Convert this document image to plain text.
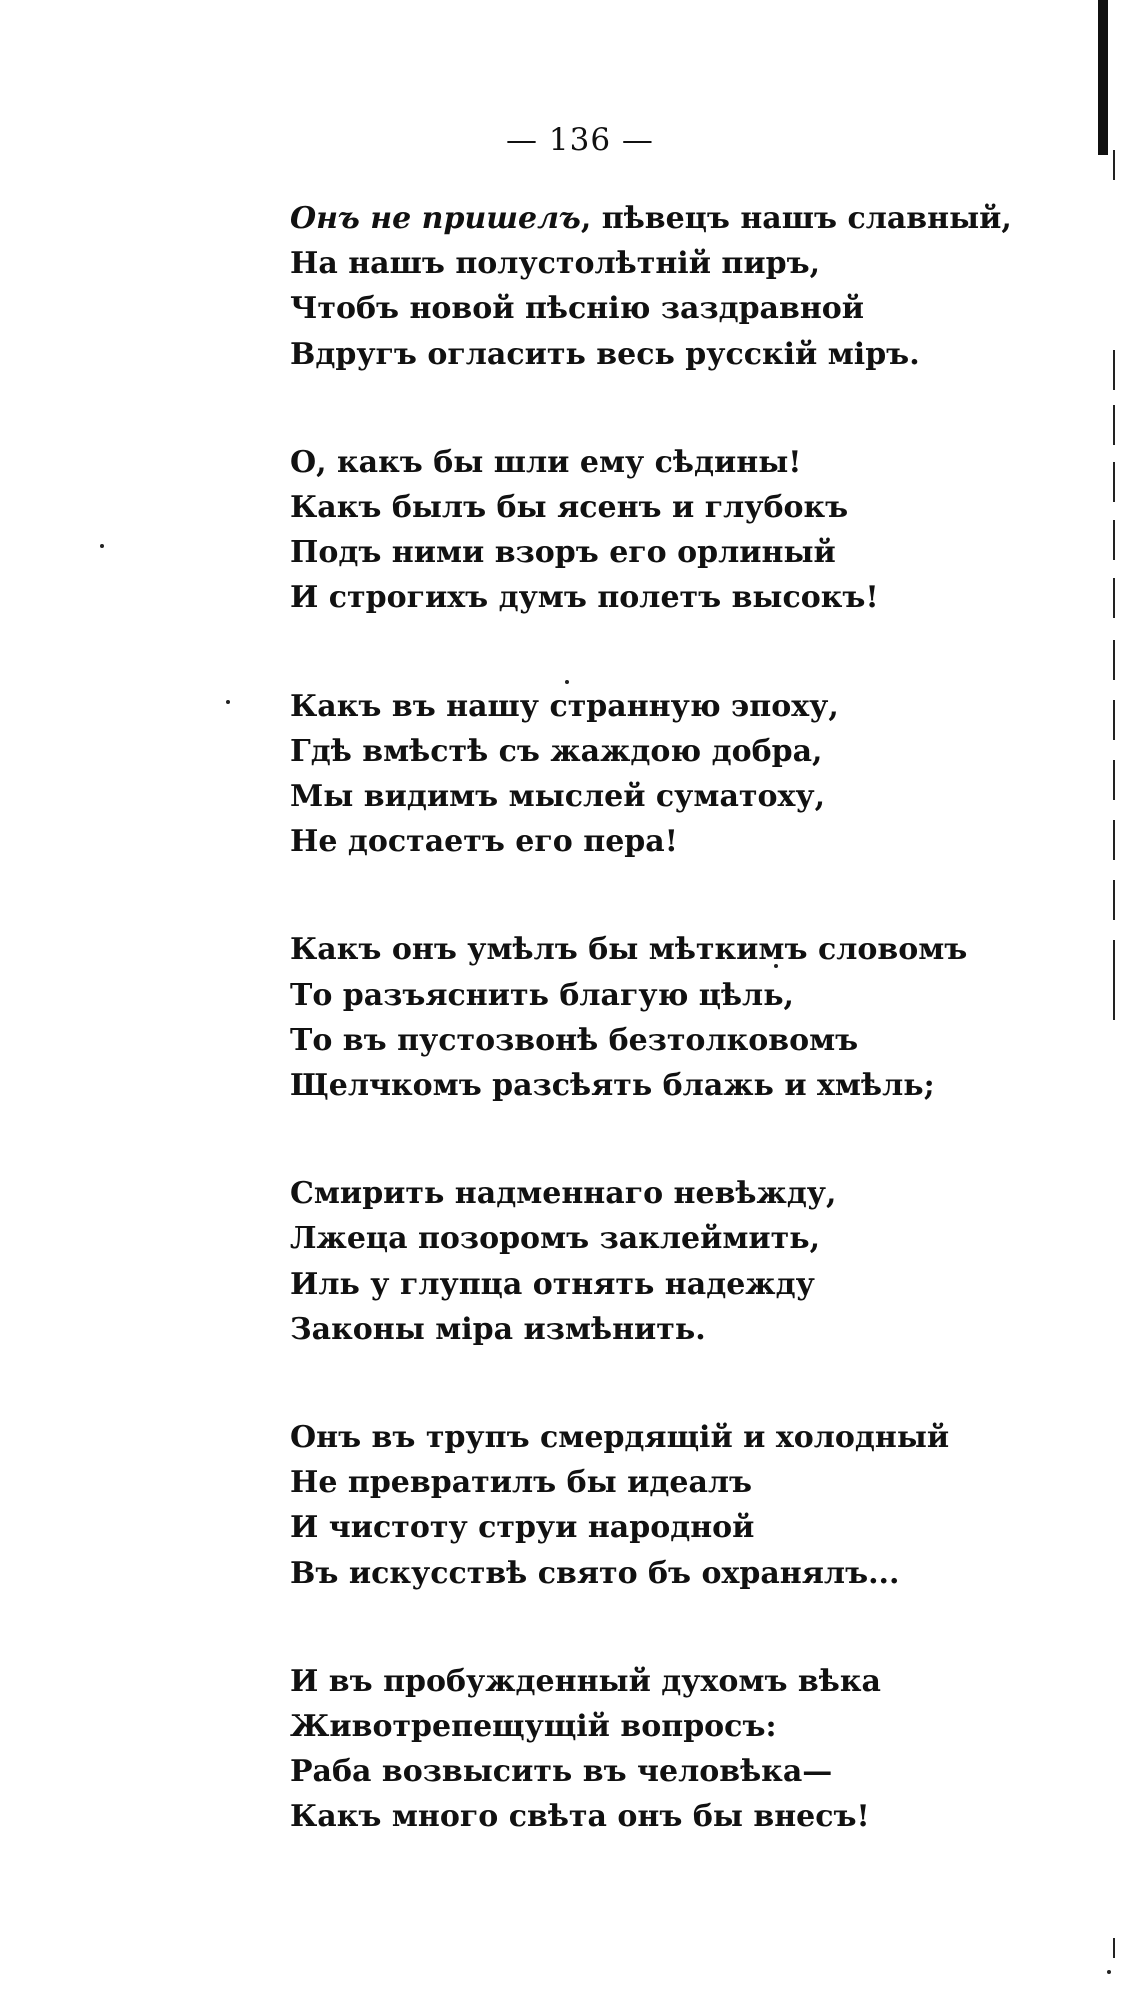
— 136 —
Онъ не пришелъ, пѣвецъ нашъ славный,
На нашъ полустолѣтній пиръ,
Чтобъ новой пѣснію заздравной
Вдругъ огласить весь русскій міръ.
О, какъ бы шли ему сѣдины!
Какъ былъ бы ясенъ и глубокъ
Подъ ними взоръ его орлиный
И строгихъ думъ полетъ высокъ!
Какъ въ нашу странную эпоху,
Гдѣ вмѣстѣ съ жаждою добра,
Мы видимъ мыслей суматоху,
Не достаетъ его пера!
Какъ онъ умѣлъ бы мѣткимъ словомъ
То разъяснить благую цѣль,
То въ пустозвонѣ безтолковомъ
Щелчкомъ разсѣять блажь и хмѣль;
Смирить надменнаго невѣжду,
Лжеца позоромъ заклеймить,
Иль у глупца отнять надежду
Законы міра измѣнить.
Онъ въ трупъ смердящій и холодный
Не превратилъ бы идеалъ
И чистоту струи народной
Въ искусствѣ свято бъ охранялъ...
И въ пробужденный духомъ вѣка
Животрепещущій вопросъ:
Раба возвысить въ человѣка—
Какъ много свѣта онъ бы внесъ!
